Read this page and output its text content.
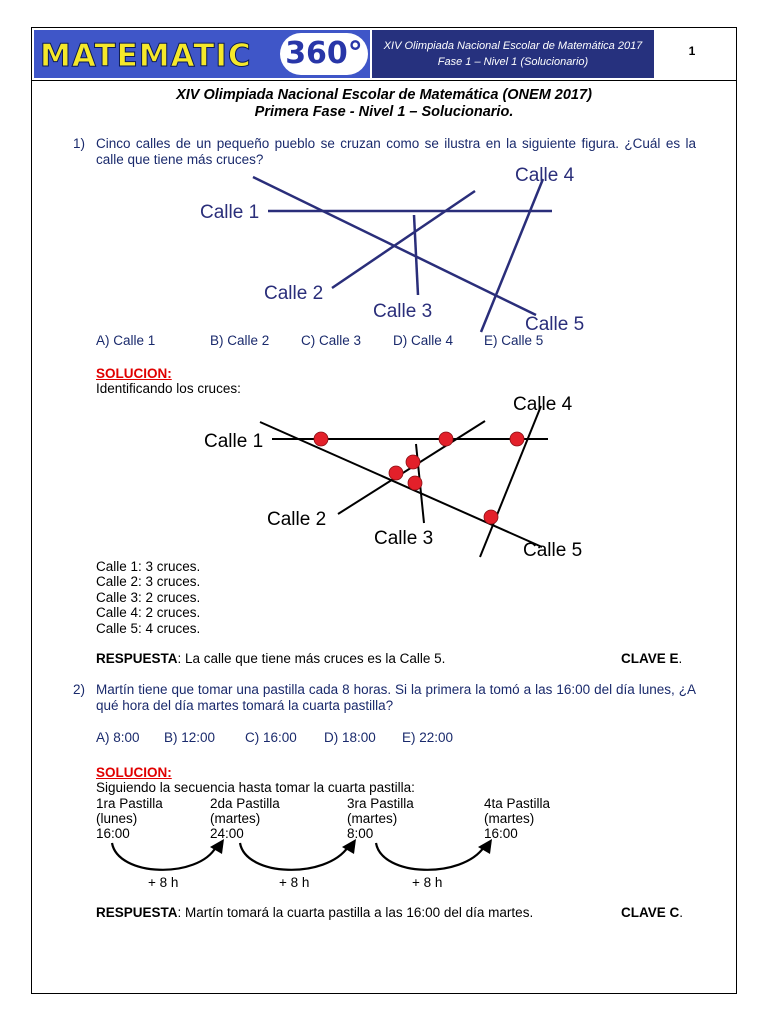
MATEMATIC 360°	XIV Olimpiada Nacional Escolar de Matemática 2017
Fase 1 – Nivel 1 (Solucionario)
1
XIV Olimpiada Nacional Escolar de Matemática (ONEM 2017)
Primera Fase - Nivel 1 – Solucionario.
1) Cinco calles de un pequeño pueblo se cruzan como se ilustra en la siguiente figura. ¿Cuál es la calle que tiene más cruces?
Calle 1
Calle 2
Calle 3
Calle 4
Calle 5
A) Calle 1	B) Calle 2 C) Calle 3 D) Calle 4 E) Calle 5
SOLUCION:
Identificando los cruces:
Calle 1
Calle 2
Calle 3
Calle 4
Calle 5
Calle 1: 3 cruces.
Calle 2: 3 cruces.
Calle 3: 2 cruces.
Calle 4: 2 cruces.
Calle 5: 4 cruces.
RESPUESTA: La calle que tiene más cruces es la Calle 5.	CLAVE E.
2) Martín tiene que tomar una pastilla cada 8 horas. Si la primera la tomó a las 16:00 del día lunes, ¿A qué hora del día martes tomará la cuarta pastilla?
A) 8:00 B) 12:00 C) 16:00 D) 18:00 E) 22:00
SOLUCION:
Siguiendo la secuencia hasta tomar la cuarta pastilla:
1ra Pastilla
(lunes)
16:00
2da Pastilla
(martes)
24:00
3ra Pastilla
(martes)
8:00
4ta Pastilla
(martes)
16:00
+ 8 h	+ 8 h	+ 8 h
RESPUESTA: Martín tomará la cuarta pastilla a las 16:00 del día martes.	CLAVE C.
